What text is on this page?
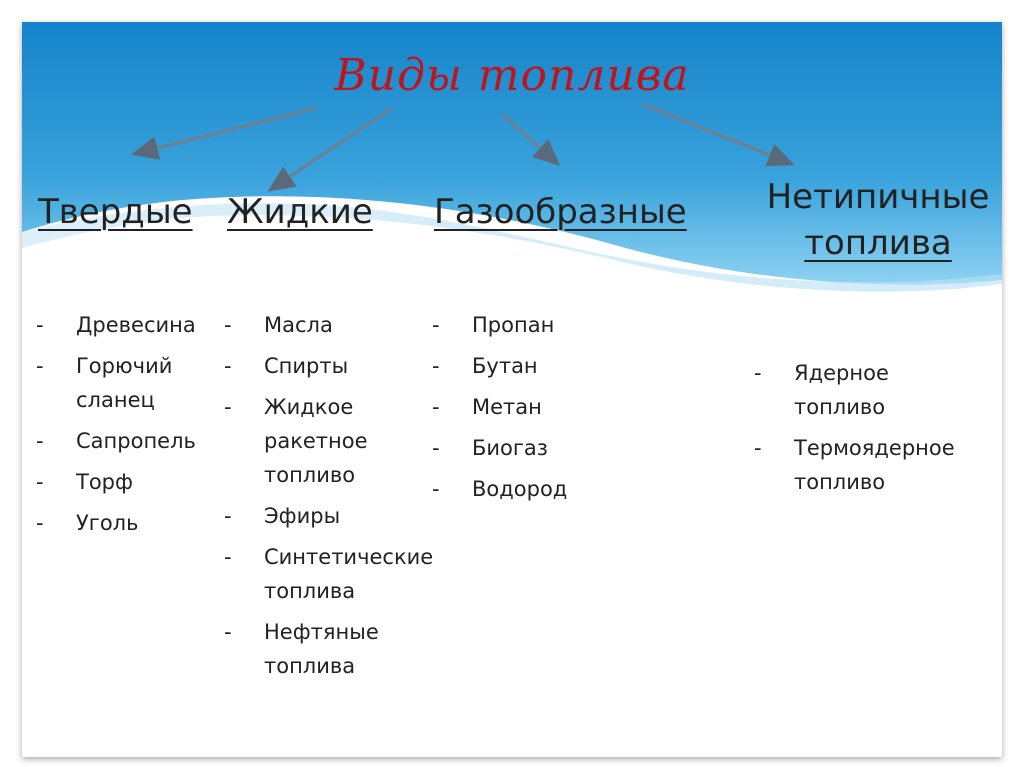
Виды топлива
Твердые Жидкие Газообразные	Нетипичные
топлива
- Древесина
- Горючий сланец
- Сапропель
- Торф
- Уголь
- Масла
- Спирты
- Жидкое ракетное топливо
- Эфиры
- Синтетические топлива
- Нефтяные топлива
- Пропан
- Бутан
- Метан
- Биогаз
- Водород
- Ядерное топливо
- Термоядерное топливо
